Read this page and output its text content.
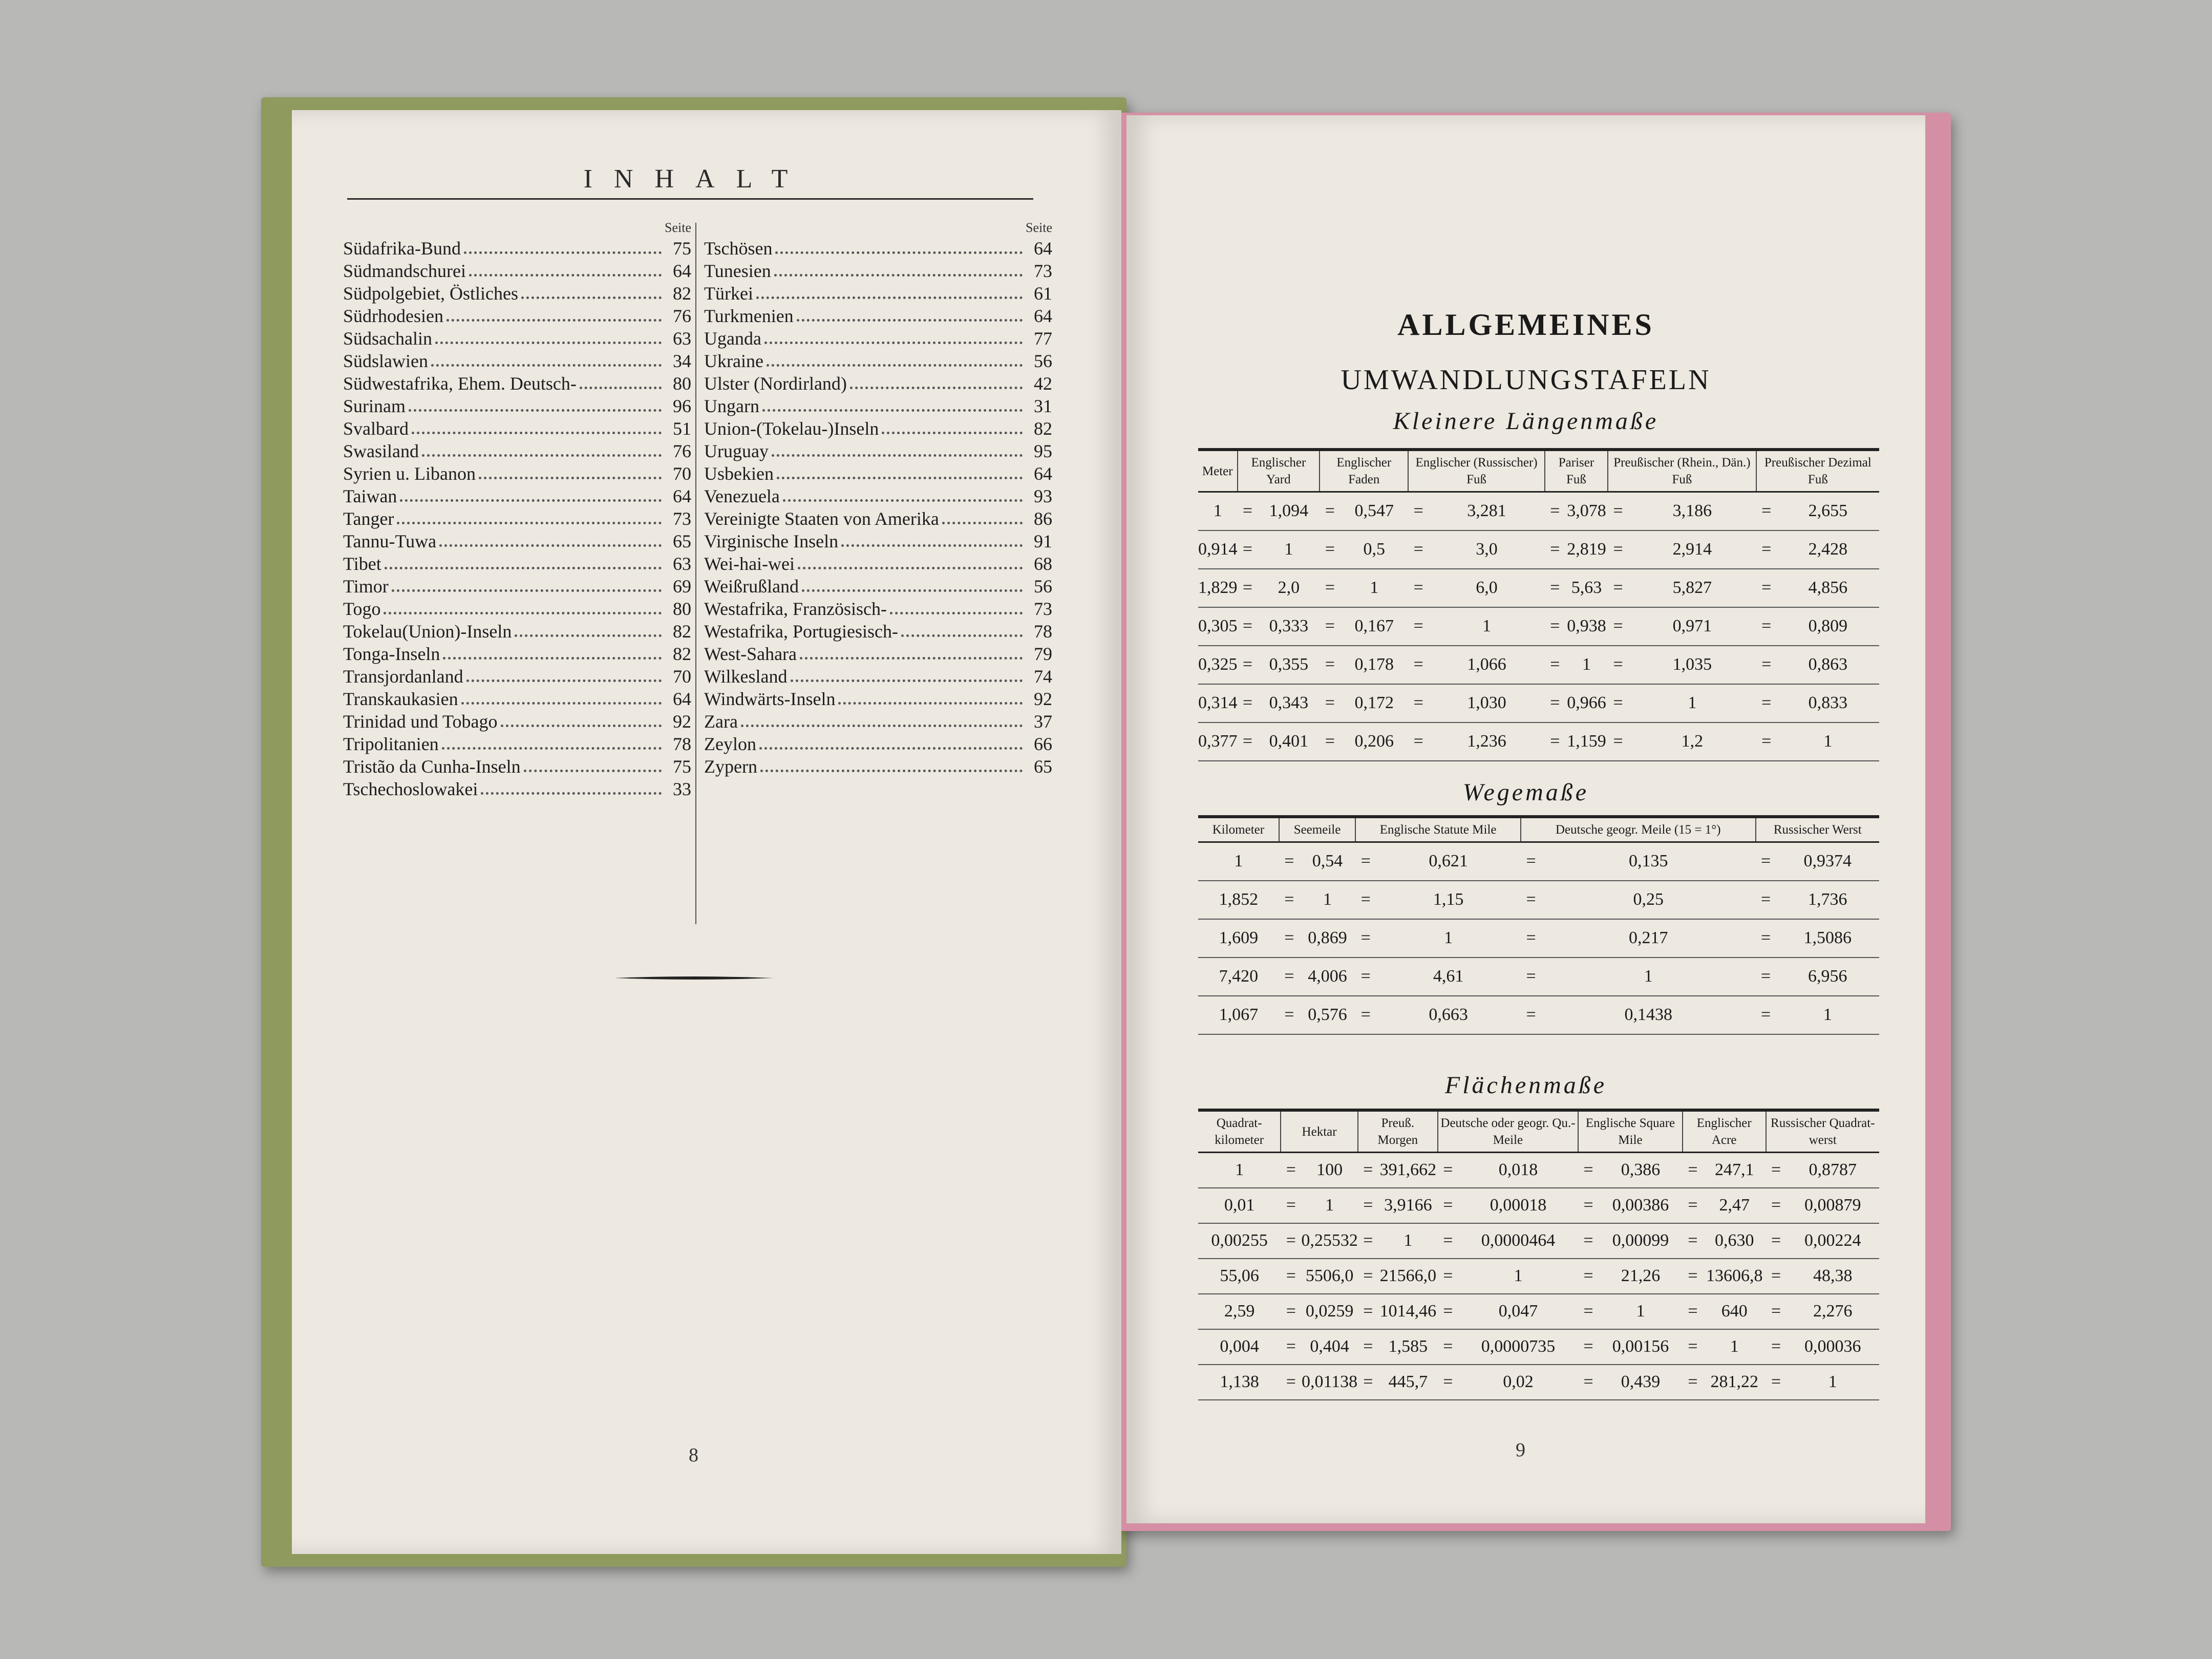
INHALT
Seite
Südafrika-Bund	75
Südmandschurei	64
Südpolgebiet, Östliches	82
Südrhodesien	76
Südsachalin	63
Südslawien	34
Südwestafrika, Ehem. Deutsch-	80
Surinam	96
Svalbard	51
Swasiland	76
Syrien u. Libanon	70
Taiwan	64
Tanger	73
Tannu-Tuwa	65
Tibet	63
Timor	69
Togo	80
Tokelau(Union)-Inseln	82
Tonga-Inseln	82
Transjordanland	70
Transkaukasien	64
Trinidad und Tobago	92
Tripolitanien	78
Tristão da Cunha-Inseln	75
Tschechoslowakei	33
Seite
Tschösen	64
Tunesien	73
Türkei	61
Turkmenien	64
Uganda	77
Ukraine	56
Ulster (Nordirland)	42
Ungarn	31
Union-(Tokelau-)Inseln	82
Uruguay	95
Usbekien	64
Venezuela	93
Vereinigte Staaten von Amerika	86
Virginische Inseln	91
Wei-hai-wei	68
Weißrußland	56
Westafrika, Französisch-	73
Westafrika, Portugiesisch-	78
West-Sahara	79
Wilkesland	74
Windwärts-Inseln	92
Zara	37
Zeylon	66
Zypern	65
8
ALLGEMEINES
UMWANDLUNGSTAFELN
Kleinere Längenmaße
Meter	Englischer Yard		Englischer Faden		Englischer (Russischer) Fuß		Pariser Fuß		Preußischer (Rhein., Dän.) Fuß		Preußischer Dezimal Fuß	
1	=	1,094	=	0,547	=	3,281	=	3,078	=	3,186	=	2,655
0,914	=	1	=	0,5	=	3,0	=	2,819	=	2,914	=	2,428
1,829	=	2,0	=	1	=	6,0	=	5,63	=	5,827	=	4,856
0,305	=	0,333	=	0,167	=	1	=	0,938	=	0,971	=	0,809
0,325	=	0,355	=	0,178	=	1,066	=	1	=	1,035	=	0,863
0,314	=	0,343	=	0,172	=	1,030	=	0,966	=	1	=	0,833
0,377	=	0,401	=	0,206	=	1,236	=	1,159	=	1,2	=	1
Wegemaße
Kilometer	Seemeile		Englische Statute Mile		Deutsche geogr. Meile (15 = 1°)		Russischer Werst	
1	=	0,54	=	0,621	=	0,135	=	0,9374
1,852	=	1	=	1,15	=	0,25	=	1,736
1,609	=	0,869	=	1	=	0,217	=	1,5086
7,420	=	4,006	=	4,61	=	1	=	6,956
1,067	=	0,576	=	0,663	=	0,1438	=	1
Flächenmaße
Quadrat-kilometer	Hektar		Preuß. Morgen		Deutsche oder geogr. Qu.-Meile		Englische Square Mile		Englischer Acre		Russischer Quadrat-werst	
1	=	100	=	391,662	=	0,018	=	0,386	=	247,1	=	0,8787
0,01	=	1	=	3,9166	=	0,00018	=	0,00386	=	2,47	=	0,00879
0,00255	=	0,25532	=	1	=	0,0000464	=	0,00099	=	0,630	=	0,00224
55,06	=	5506,0	=	21566,0	=	1	=	21,26	=	13606,8	=	48,38
2,59	=	0,0259	=	1014,46	=	0,047	=	1	=	640	=	2,276
0,004	=	0,404	=	1,585	=	0,0000735	=	0,00156	=	1	=	0,00036
1,138	=	0,01138	=	445,7	=	0,02	=	0,439	=	281,22	=	1
9
